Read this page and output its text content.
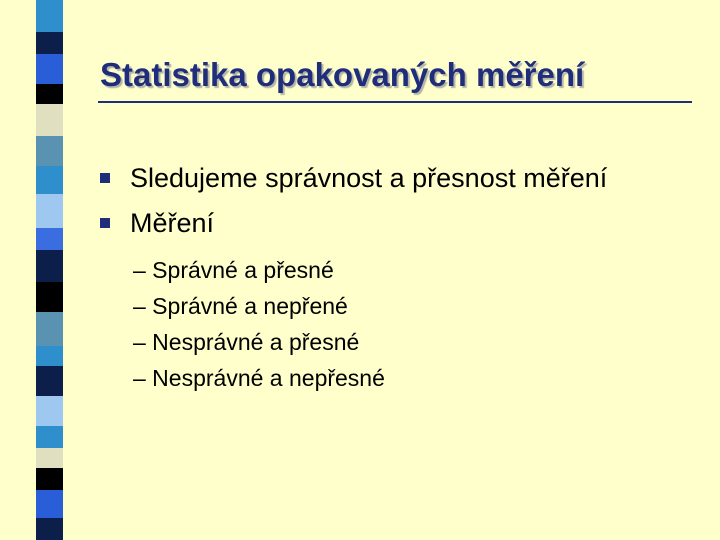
Statistika opakovaných měření
Sledujeme správnost a přesnost měření
Měření
– Správné a přesné
– Správné a nepřené
– Nesprávné a přesné
– Nesprávné a nepřesné
